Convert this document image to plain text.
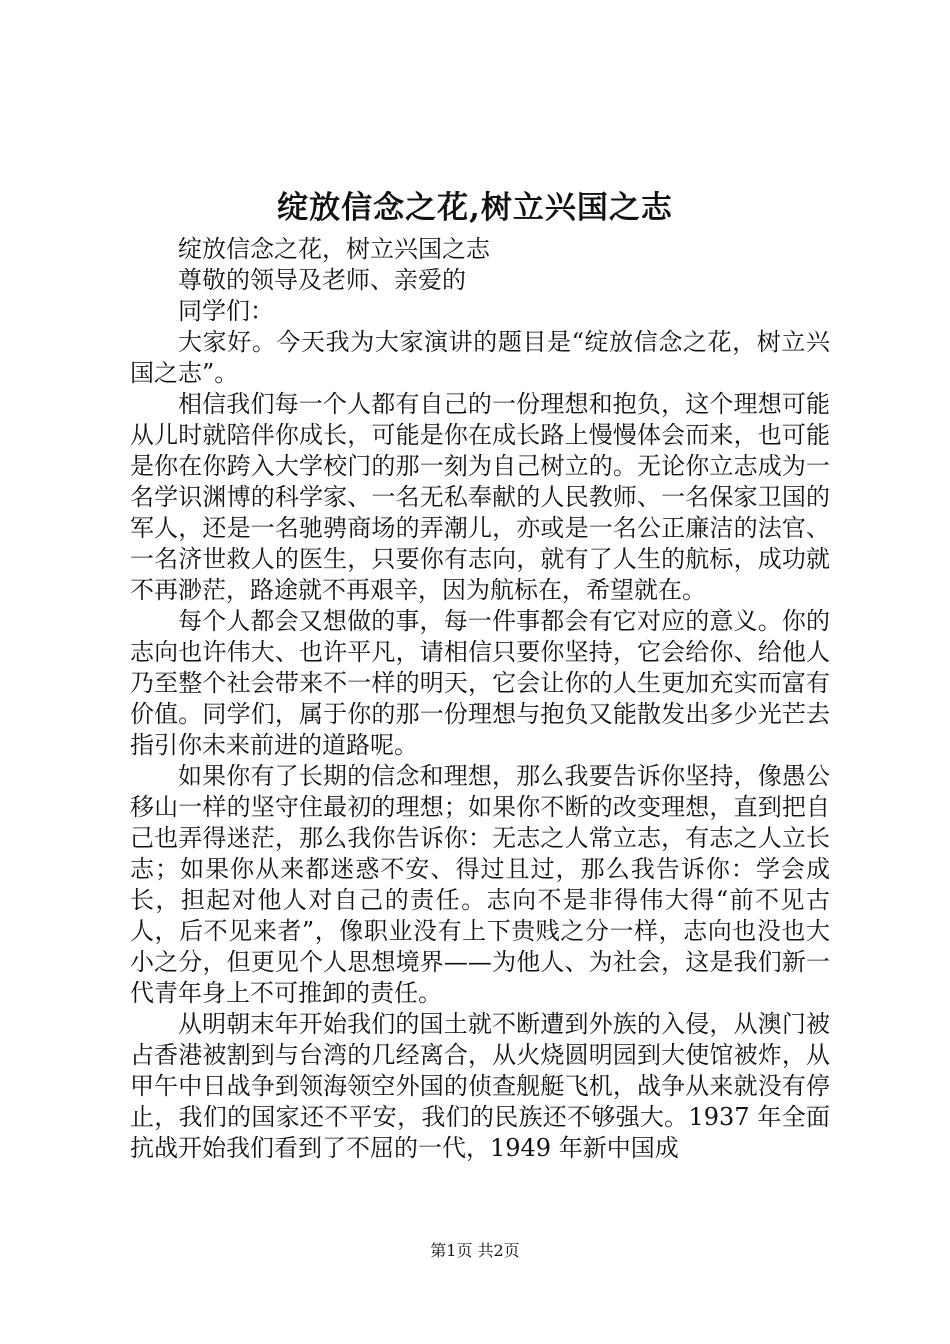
绽放信念之花,树立兴国之志

绽放信念之花，树立兴国之志

尊敬的领导及老师、亲爱的

同学们：

大家好。今天我为大家演讲的题目是“绽放信念之花，树立兴国之志”。

相信我们每一个人都有自己的一份理想和抱负，这个理想可能从儿时就陪伴你成长，可能是你在成长路上慢慢体会而来，也可能是你在你跨入大学校门的那一刻为自己树立的。无论你立志成为一名学识渊博的科学家、一名无私奉献的人民教师、一名保家卫国的军人，还是一名驰骋商场的弄潮儿，亦或是一名公正廉洁的法官、一名济世救人的医生，只要你有志向，就有了人生的航标，成功就不再渺茫，路途就不再艰辛，因为航标在，希望就在。

每个人都会又想做的事，每一件事都会有它对应的意义。你的志向也许伟大、也许平凡，请相信只要你坚持，它会给你、给他人乃至整个社会带来不一样的明天，它会让你的人生更加充实而富有价值。同学们，属于你的那一份理想与抱负又能散发出多少光芒去指引你未来前进的道路呢。

如果你有了长期的信念和理想，那么我要告诉你坚持，像愚公移山一样的坚守住最初的理想；如果你不断的改变理想，直到把自己也弄得迷茫，那么我你告诉你：无志之人常立志，有志之人立长志；如果你从来都迷惑不安、得过且过，那么我告诉你：学会成长，担起对他人对自己的责任。志向不是非得伟大得“前不见古人，后不见来者”，像职业没有上下贵贱之分一样，志向也没也大小之分，但更见个人思想境界——为他人、为社会，这是我们新一代青年身上不可推卸的责任。

从明朝末年开始我们的国土就不断遭到外族的入侵，从澳门被占香港被割到与台湾的几经离合，从火烧圆明园到大使馆被炸，从甲午中日战争到领海领空外国的侦查舰艇飞机，战争从来就没有停止，我们的国家还不平安，我们的民族还不够强大。1937 年全面抗战开始我们看到了不屈的一代，1949 年新中国成

第1页 共2页
